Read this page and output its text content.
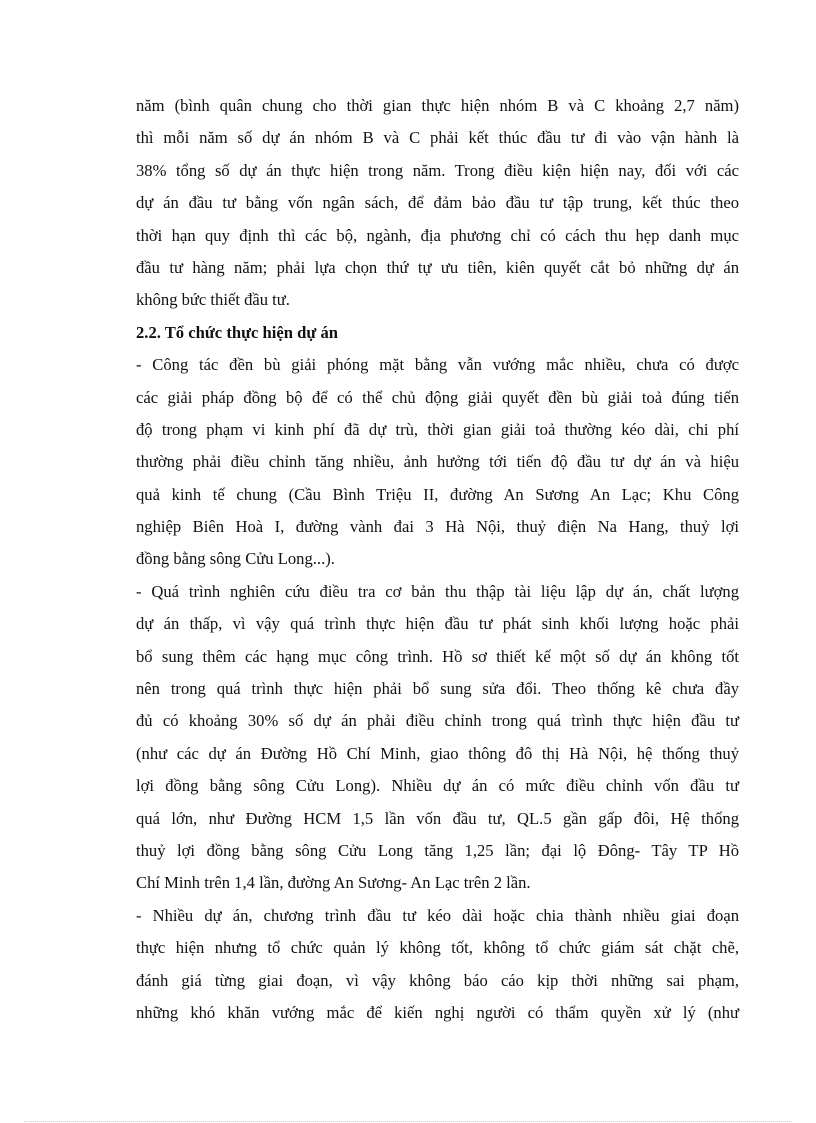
năm (bình quân chung cho thời gian thực hiện nhóm B và C khoảng 2,7 năm)
thì mỗi năm số dự án nhóm B và C phải kết thúc đầu tư đi vào vận hành là
38% tổng số dự án thực hiện trong năm. Trong điều kiện hiện nay, đối với các
dự án đầu tư bằng vốn ngân sách, để đảm bảo đầu tư tập trung, kết thúc theo
thời hạn quy định thì các bộ, ngành, địa phương chỉ có cách thu hẹp danh mục
đầu tư hàng năm; phải lựa chọn thứ tự ưu tiên, kiên quyết cắt bỏ những dự án
không bức thiết đầu tư.
2.2. Tổ chức thực hiện dự án
- Công tác đền bù giải phóng mặt bằng vẫn vướng mắc nhiều, chưa có được
các giải pháp đồng bộ để có thể chủ động giải quyết đền bù giải toả đúng tiến
độ trong phạm vi kinh phí đã dự trù, thời gian giải toả thường kéo dài, chi phí
thường phải điều chỉnh tăng nhiều, ảnh hưởng tới tiến độ đầu tư dự án và hiệu
quả kinh tế chung (Cầu Bình Triệu II, đường An Sương An Lạc; Khu Công
nghiệp Biên Hoà I, đường vành đai 3 Hà Nội, thuỷ điện Na Hang, thuỷ lợi
đồng bằng sông Cửu Long...).
- Quá trình nghiên cứu điều tra cơ bản thu thập tài liệu lập dự án, chất lượng
dự án thấp, vì vậy quá trình thực hiện đầu tư phát sinh khối lượng hoặc phải
bổ sung thêm các hạng mục công trình. Hồ sơ thiết kế một số dự án không tốt
nên trong quá trình thực hiện phải bổ sung sửa đổi. Theo thống kê chưa đầy
đủ có khoảng 30% số dự án phải điều chỉnh trong quá trình thực hiện đầu tư
(như các dự án Đường Hồ Chí Minh, giao thông đô thị Hà Nội, hệ thống thuỷ
lợi đồng bằng sông Cửu Long). Nhiều dự án có mức điều chỉnh vốn đầu tư
quá lớn, như Đường HCM 1,5 lần vốn đầu tư, QL.5 gần gấp đôi, Hệ thống
thuỷ lợi đồng bằng sông Cửu Long tăng 1,25 lần; đại lộ Đông- Tây TP Hồ
Chí Minh trên 1,4 lần, đường An Sương- An Lạc trên 2 lần.
- Nhiều dự án, chương trình đầu tư kéo dài hoặc chia thành nhiều giai đoạn
thực hiện nhưng tổ chức quản lý không tốt, không tổ chức giám sát chặt chẽ,
đánh giá từng giai đoạn, vì vậy không báo cáo kịp thời những sai phạm,
những khó khăn vướng mắc để kiến nghị người có thẩm quyền xử lý (như
